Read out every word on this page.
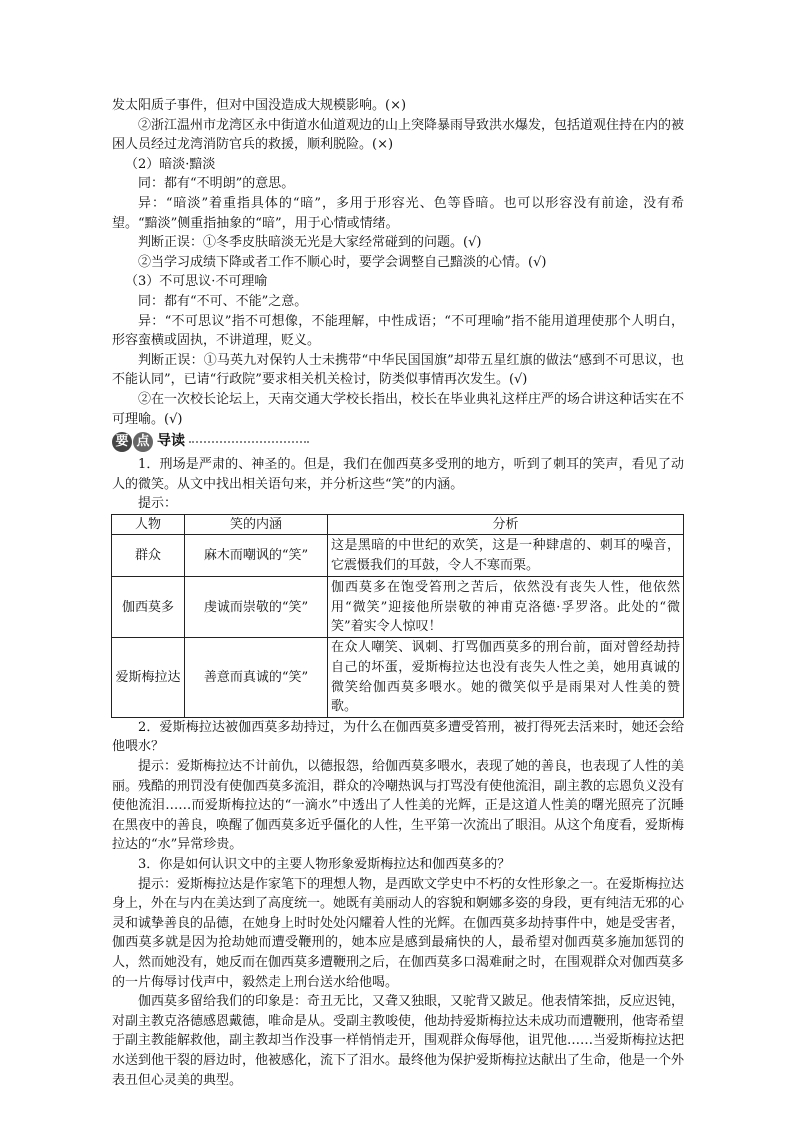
发太阳质子事件，但对中国没造成大规模影响。(×)

②浙江温州市龙湾区永中街道水仙道观边的山上突降暴雨导致洪水爆发，包括道观住持在内的被困人员经过龙湾消防官兵的救援，顺利脱险。(×)

（2）暗淡·黯淡

同：都有“不明朗”的意思。

异：“暗淡”着重指具体的“暗”，多用于形容光、色等昏暗。也可以形容没有前途，没有希望。“黯淡”侧重指抽象的“暗”，用于心情或情绪。

判断正误：①冬季皮肤暗淡无光是大家经常碰到的问题。(√)

②当学习成绩下降或者工作不顺心时，要学会调整自己黯淡的心情。(√)

（3）不可思议·不可理喻

同：都有“不可、不能”之意。

异：“不可思议”指不可想像，不能理解，中性成语；“不可理喻”指不能用道理使那个人明白，形容蛮横或固执，不讲道理，贬义。

判断正误：①马英九对保钓人士未携带“中华民国国旗”却带五星红旗的做法“感到不可思议，也不能认同”，已请“行政院”要求相关机关检讨，防类似事情再次发生。(√)

②在一次校长论坛上，天南交通大学校长指出，校长在毕业典礼这样庄严的场合讲这种话实在不可理喻。(√)

要 点 导读

1．刑场是严肃的、神圣的。但是，我们在伽西莫多受刑的地方，听到了刺耳的笑声，看见了动人的微笑。从文中找出相关语句来，并分析这些“笑”的内涵。

提示：

人物	笑的内涵	分析
群众	麻木而嘲讽的“笑”	这是黑暗的中世纪的欢笑，这是一种肆虐的、刺耳的噪音，它震慑我们的耳鼓，令人不寒而栗。
伽西莫多	虔诚而崇敬的“笑”	伽西莫多在饱受笞刑之苦后，依然没有丧失人性，他依然用“微笑”迎接他所崇敬的神甫克洛德·孚罗洛。此处的“微笑”着实令人惊叹！
爱斯梅拉达	善意而真诚的“笑”	在众人嘲笑、讽刺、打骂伽西莫多的刑台前，面对曾经劫持自己的坏蛋，爱斯梅拉达也没有丧失人性之美，她用真诚的微笑给伽西莫多喂水。她的微笑似乎是雨果对人性美的赞歌。

2．爱斯梅拉达被伽西莫多劫持过，为什么在伽西莫多遭受笞刑，被打得死去活来时，她还会给他喂水？

提示：爱斯梅拉达不计前仇，以德报怨，给伽西莫多喂水，表现了她的善良，也表现了人性的美丽。残酷的刑罚没有使伽西莫多流泪，群众的冷嘲热讽与打骂没有使他流泪，副主教的忘恩负义没有使他流泪……而爱斯梅拉达的“一滴水”中透出了人性美的光辉，正是这道人性美的曙光照亮了沉睡在黑夜中的善良，唤醒了伽西莫多近乎僵化的人性，生平第一次流出了眼泪。从这个角度看，爱斯梅拉达的“水”异常珍贵。

3．你是如何认识文中的主要人物形象爱斯梅拉达和伽西莫多的？

提示：爱斯梅拉达是作家笔下的理想人物，是西欧文学史中不朽的女性形象之一。在爱斯梅拉达身上，外在与内在美达到了高度统一。她既有美丽动人的容貌和婀娜多姿的身段，更有纯洁无邪的心灵和诚挚善良的品德，在她身上时时处处闪耀着人性的光辉。在伽西莫多劫持事件中，她是受害者，伽西莫多就是因为抢劫她而遭受鞭刑的，她本应是感到最痛快的人，最希望对伽西莫多施加惩罚的人，然而她没有，她反而在伽西莫多遭鞭刑之后，在伽西莫多口渴难耐之时，在围观群众对伽西莫多的一片侮辱讨伐声中，毅然走上刑台送水给他喝。

伽西莫多留给我们的印象是：奇丑无比，又聋又独眼，又驼背又跛足。他表情笨拙，反应迟钝，对副主教克洛德感恩戴德，唯命是从。受副主教唆使，他劫持爱斯梅拉达未成功而遭鞭刑，他寄希望于副主教能解救他，副主教却当作没事一样悄悄走开，围观群众侮辱他，诅咒他……当爱斯梅拉达把水送到他干裂的唇边时，他被感化，流下了泪水。最终他为保护爱斯梅拉达献出了生命，他是一个外表丑但心灵美的典型。
